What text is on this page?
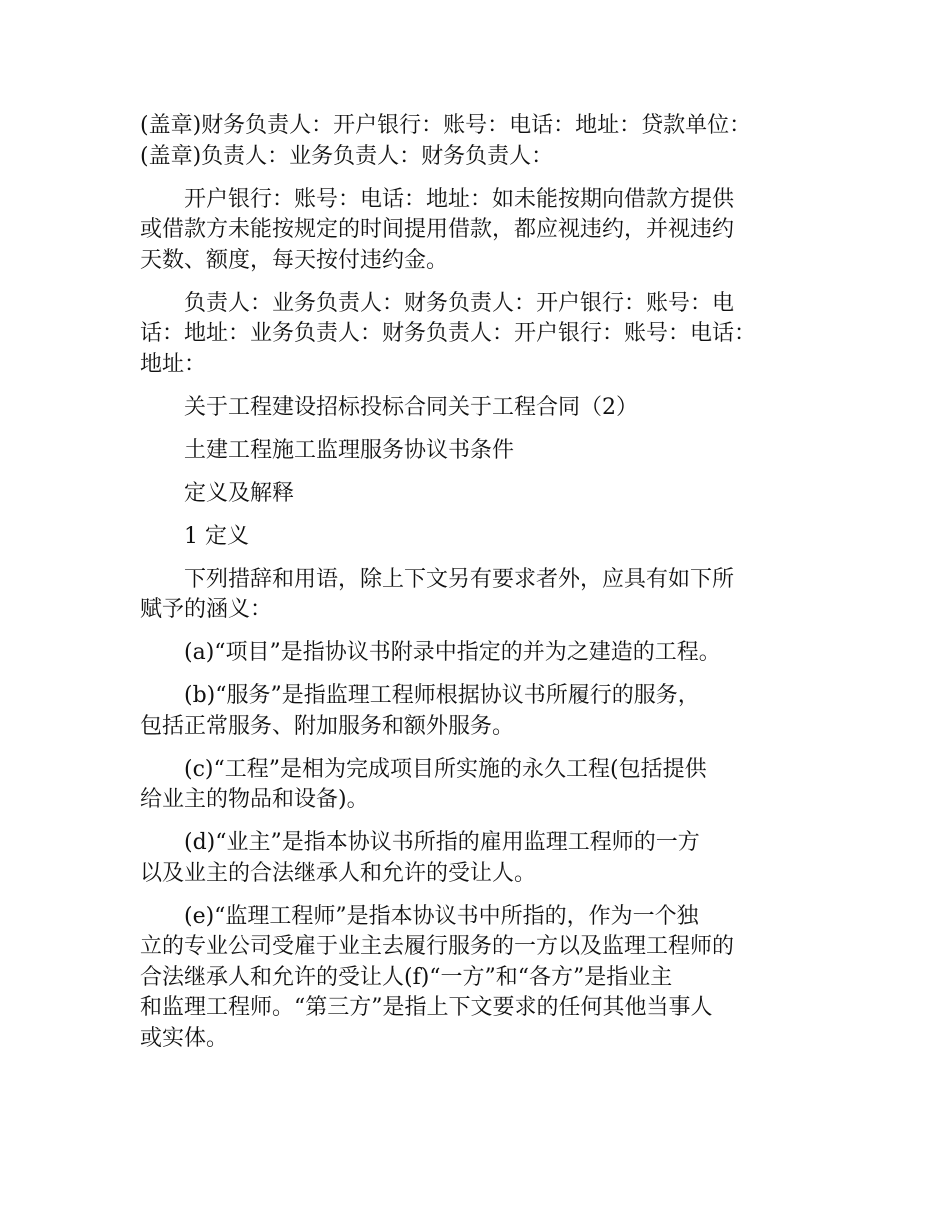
(盖章)财务负责人：开户银行：账号：电话：地址：贷款单位：
(盖章)负责人：业务负责人：财务负责人：

开户银行：账号：电话：地址：如未能按期向借款方提供
或借款方未能按规定的时间提用借款，都应视违约，并视违约
天数、额度，每天按付违约金。

负责人：业务负责人：财务负责人：开户银行：账号：电
话：地址：业务负责人：财务负责人：开户银行：账号：电话：
地址：

关于工程建设招标投标合同关于工程合同（2）

土建工程施工监理服务协议书条件

定义及解释

1 定义

下列措辞和用语，除上下文另有要求者外，应具有如下所
赋予的涵义：

(a)“项目”是指协议书附录中指定的并为之建造的工程。

(b)“服务”是指监理工程师根据协议书所履行的服务，
包括正常服务、附加服务和额外服务。

(c)“工程”是相为完成项目所实施的永久工程(包括提供
给业主的物品和设备)。

(d)“业主”是指本协议书所指的雇用监理工程师的一方
以及业主的合法继承人和允许的受让人。

(e)“监理工程师”是指本协议书中所指的，作为一个独
立的专业公司受雇于业主去履行服务的一方以及监理工程师的
合法继承人和允许的受让人(f)“一方”和“各方”是指业主
和监理工程师。“第三方”是指上下文要求的任何其他当事人
或实体。
